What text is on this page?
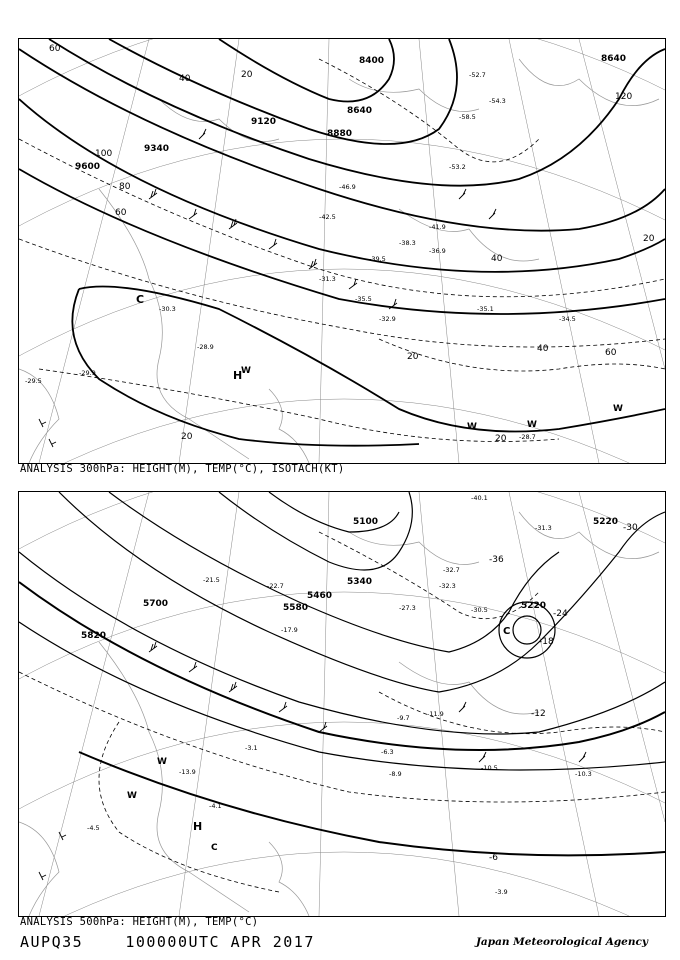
9600
9340
9120
8880
8640
8400	8640
20
40
60
100
120
80
60
40
20
20
40	60
20	20
-30.3
-28.9
-29.9
-35.5
-39.5
-42.5
-46.9
-53.2
-54.3
-58.5
-32.9
-36.9
-35.1
-34.5
-28.7
-29.5
-31.3
-38.3
-41.9
-52.7
H
C
W
W	W
W
ANALYSIS 300hPa: HEIGHT(M), TEMP(°C), ISOTACH(KT)
5820
5700	5580
5460
5340
5100
5220
5220
-36
-30
-24
-18
-12
-6
-10.5
-10.3
-8.9
-6.3
-4.1
-3.9
-3.1
-13.9
-27.3
-32.3
-32.7
-30.5
-21.5
-22.7
-17.9
-11.9
-9.7
-40.1
-31.3
-4.5	H
C
C
W
W
ANALYSIS 500hPa: HEIGHT(M), TEMP(°C)
AUPQ35	100000UTC APR 2017	Japan Meteorological Agency
